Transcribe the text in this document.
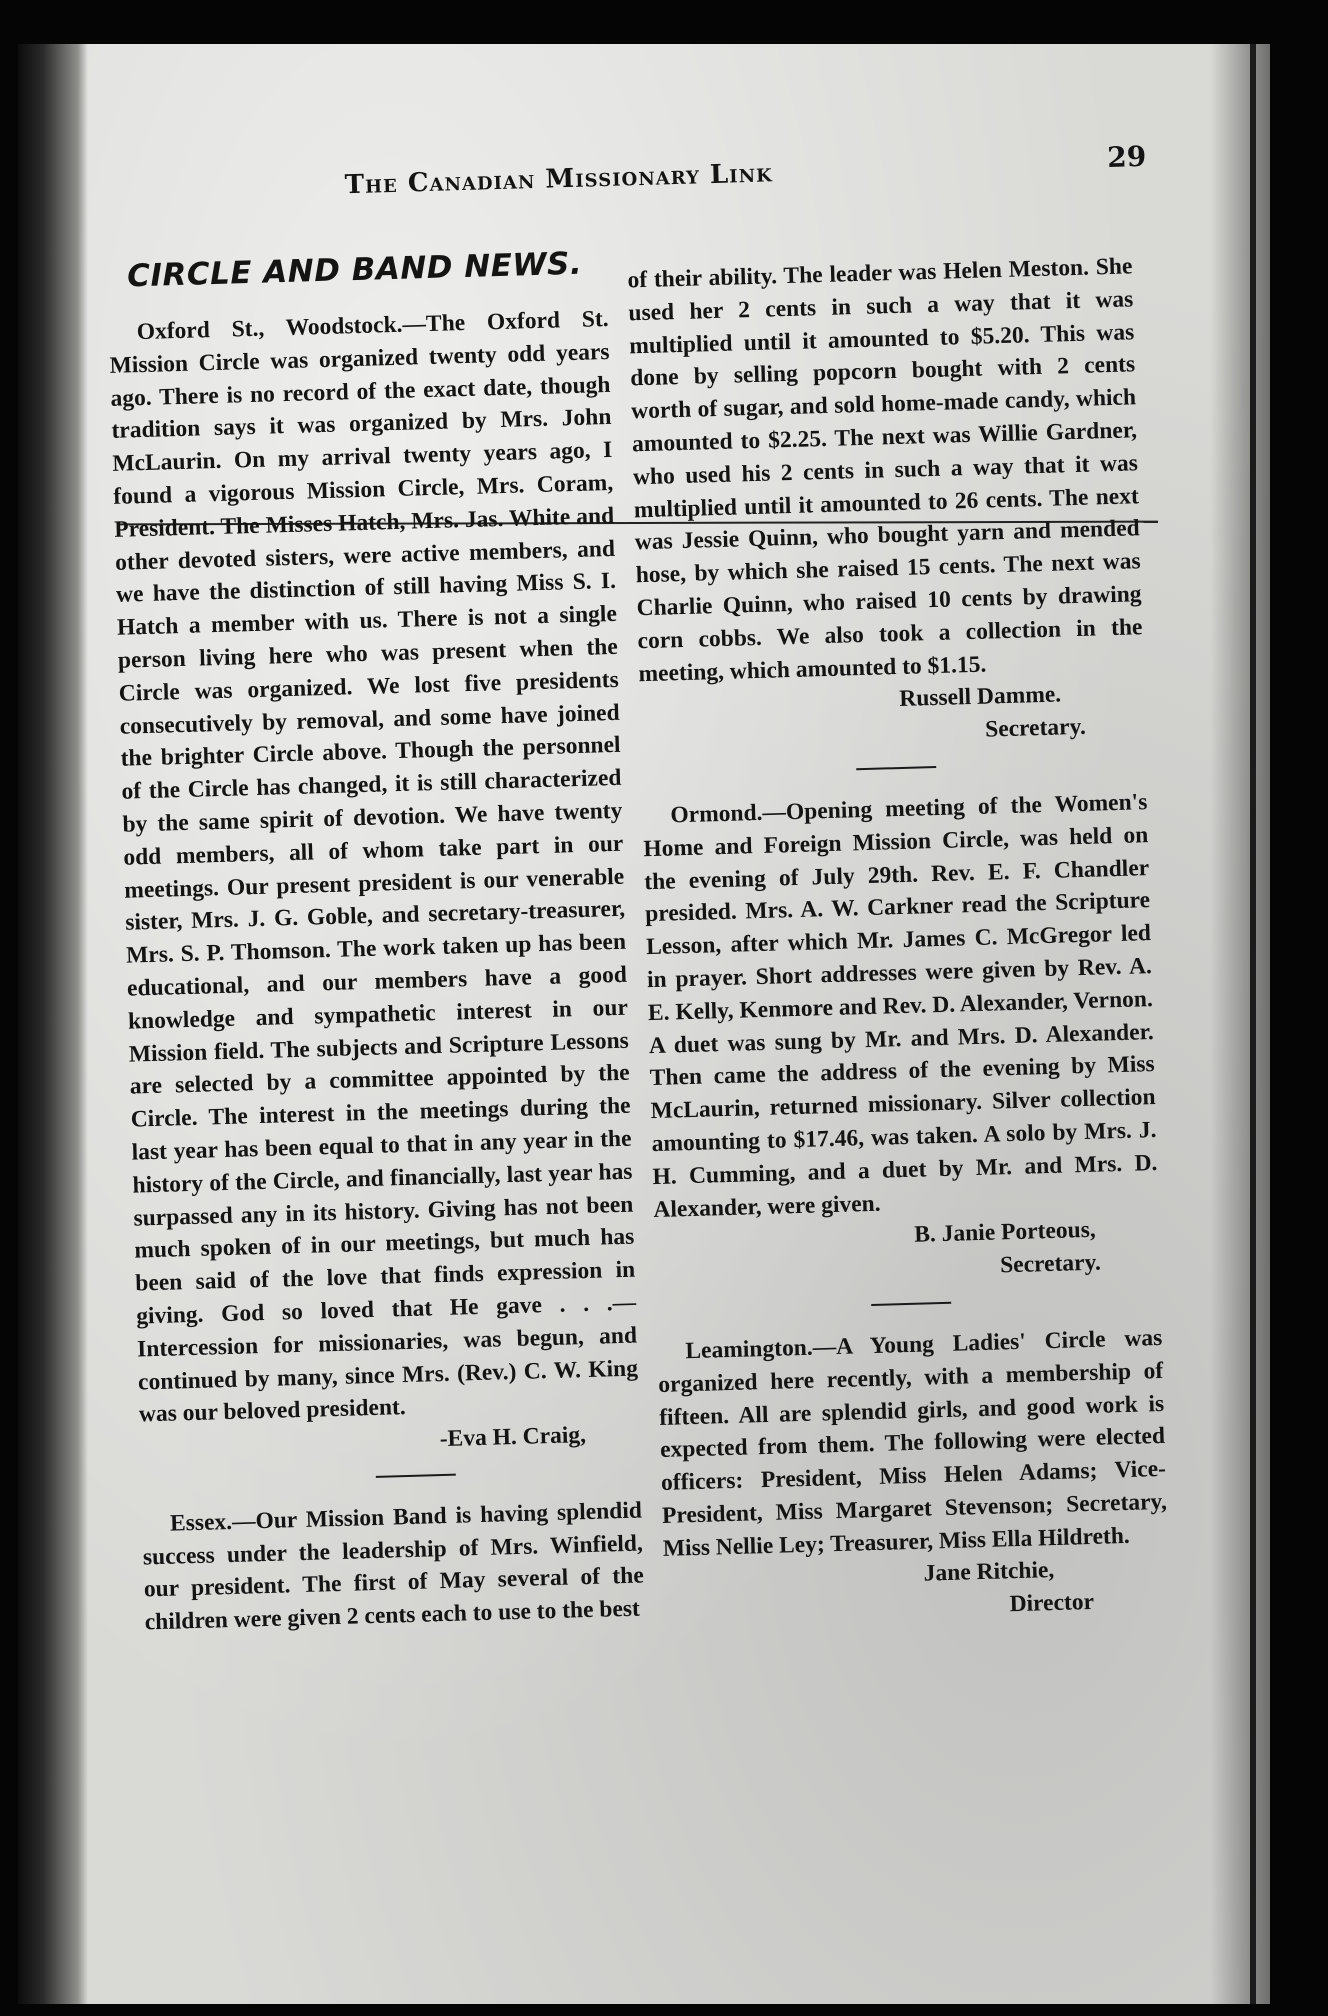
The Canadian Missionary Link
29
CIRCLE AND BAND NEWS.

Oxford St., Woodstock.—The Oxford St. Mission Circle was organized twenty odd years ago. There is no record of the exact date, though tradition says it was organized by Mrs. John McLaurin. On my arrival twenty years ago, I found a vigorous Mission Circle, Mrs. Coram, President. The Misses Hatch, Mrs. Jas. White and other devoted sisters, were active members, and we have the distinction of still having Miss S. I. Hatch a member with us. There is not a single person living here who was present when the Circle was organized. We lost five presidents consecutively by removal, and some have joined the brighter Circle above. Though the personnel of the Circle has changed, it is still characterized by the same spirit of devotion. We have twenty odd members, all of whom take part in our meetings. Our present president is our venerable sister, Mrs. J. G. Goble, and secretary-treasurer, Mrs. S. P. Thomson. The work taken up has been educational, and our members have a good knowledge and sympathetic interest in our Mission field. The subjects and Scripture Lessons are selected by a committee appointed by the Circle. The interest in the meetings during the last year has been equal to that in any year in the history of the Circle, and financially, last year has surpassed any in its history. Giving has not been much spoken of in our meetings, but much has been said of the love that finds expression in giving. God so loved that He gave . . .—Intercession for missionaries, was begun, and continued by many, since Mrs. (Rev.) C. W. King was our beloved president.

-Eva H. Craig,

Essex.—Our Mission Band is having splendid success under the leadership of Mrs. Winfield, our president. The first of May several of the children were given 2 cents each to use to the best

of their ability. The leader was Helen Meston. She used her 2 cents in such a way that it was multiplied until it amounted to $5.20. This was done by selling popcorn bought with 2 cents worth of sugar, and sold home-made candy, which amounted to $2.25. The next was Willie Gardner, who used his 2 cents in such a way that it was multiplied until it amounted to 26 cents. The next was Jessie Quinn, who bought yarn and mended hose, by which she raised 15 cents. The next was Charlie Quinn, who raised 10 cents by drawing corn cobbs. We also took a collection in the meeting, which amounted to $1.15.

Russell Damme.

Secretary.

Ormond.—Opening meeting of the Women's Home and Foreign Mission Circle, was held on the evening of July 29th. Rev. E. F. Chandler presided. Mrs. A. W. Carkner read the Scripture Lesson, after which Mr. James C. McGregor led in prayer. Short addresses were given by Rev. A. E. Kelly, Kenmore and Rev. D. Alexander, Vernon. A duet was sung by Mr. and Mrs. D. Alexander. Then came the address of the evening by Miss McLaurin, returned missionary. Silver collection amounting to $17.46, was taken. A solo by Mrs. J. H. Cumming, and a duet by Mr. and Mrs. D. Alexander, were given.

B. Janie Porteous,

Secretary.

Leamington.—A Young Ladies' Circle was organized here recently, with a membership of fifteen. All are splendid girls, and good work is expected from them. The following were elected officers: President, Miss Helen Adams; Vice-President, Miss Margaret Stevenson; Secretary, Miss Nellie Ley; Treasurer, Miss Ella Hildreth.

Jane Ritchie,

Director
